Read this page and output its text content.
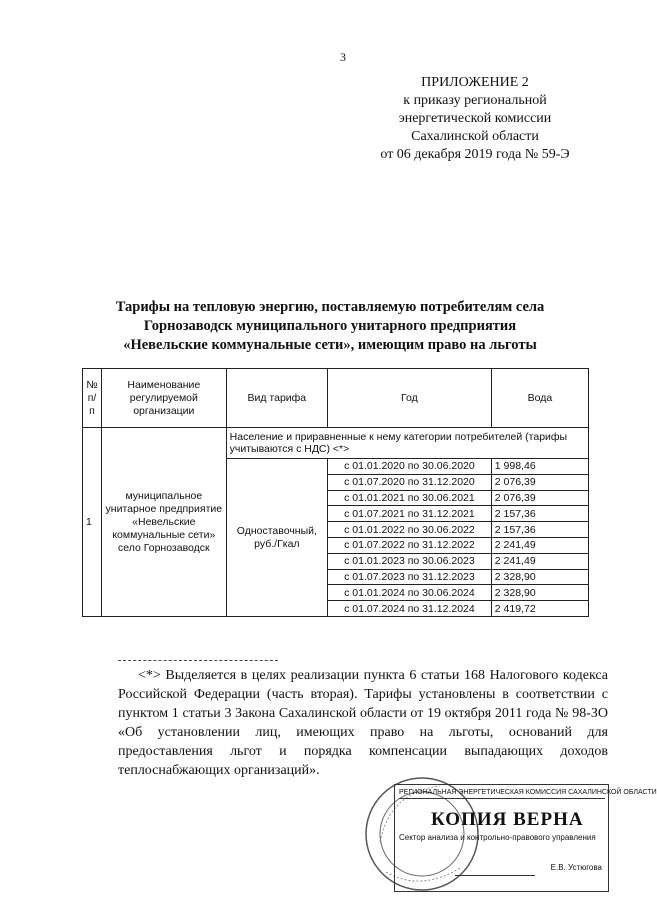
3
ПРИЛОЖЕНИЕ 2
к приказу региональной
энергетической комиссии
Сахалинской области
от 06 декабря 2019 года № 59-Э
Тарифы на тепловую энергию, поставляемую потребителям села
Горнозаводск муниципального унитарного предприятия
«Невельские коммунальные сети», имеющим право на льготы
№ п/п	Наименование регулируемой организации	Вид тарифа	Год	Вода
1	муниципальное унитарное предприятие «Невельские коммунальные сети» село Горнозаводск	Население и приравненные к нему категории потребителей (тарифы учитываются с НДС) <*>		
		Одноставочный, руб./Гкал	с 01.01.2020 по 30.06.2020	1 998,46
			с 01.07.2020 по 31.12.2020	2 076,39
			с 01.01.2021 по 30.06.2021	2 076,39
			с 01.07.2021 по 31.12.2021	2 157,36
			с 01.01.2022 по 30.06.2022	2 157,36
			с 01.07.2022 по 31.12.2022	2 241,49
			с 01.01.2023 по 30.06.2023	2 241,49
			с 01.07.2023 по 31.12.2023	2 328,90
			с 01.01.2024 по 30.06.2024	2 328,90
			с 01.07.2024 по 31.12.2024	2 419,72

<*> Выделяется в целях реализации пункта 6 статьи 168 Налогового кодекса Российской Федерации (часть вторая). Тарифы установлены в соответствии с пунктом 1 статьи 3 Закона Сахалинской области от 19 октября 2011 года № 98-ЗО «Об установлении лиц, имеющих право на льготы, оснований для предоставления льгот и порядка компенсации выпадающих доходов теплоснабжающих организаций».
РЕГИОНАЛЬНАЯ ЭНЕРГЕТИЧЕСКАЯ КОМИССИЯ САХАЛИНСКОЙ ОБЛАСТИ
КОПИЯ ВЕРНА
Сектор анализа и контрольно-правового управления
Е.В. Устюгова
